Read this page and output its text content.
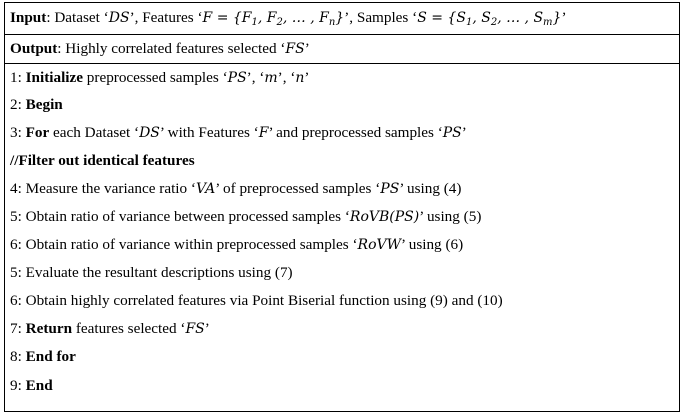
Input: Dataset ‘DS’, Features ‘$F = \{F_1$, $F_2$, … , $F_n$}’, Samples ‘$S = \{S_1$, $S_2$, … , $S_m$}’
Output: Highly correlated features selected ‘FS’
1: Initialize preprocessed samples ‘PS’, ‘m’, ‘n’
2: Begin
3: For each Dataset ‘DS’ with Features ‘F’ and preprocessed samples ‘PS’
//Filter out identical features
4: Measure the variance ratio ‘VA’ of preprocessed samples ‘PS’ using (4)
5: Obtain ratio of variance between processed samples ‘RoVB(PS)’ using (5)
6: Obtain ratio of variance within preprocessed samples ‘RoVW’ using (6)
5: Evaluate the resultant descriptions using (7)
6: Obtain highly correlated features via Point Biserial function using (9) and (10)
7: Return features selected ‘FS’
8: End for
9: End
